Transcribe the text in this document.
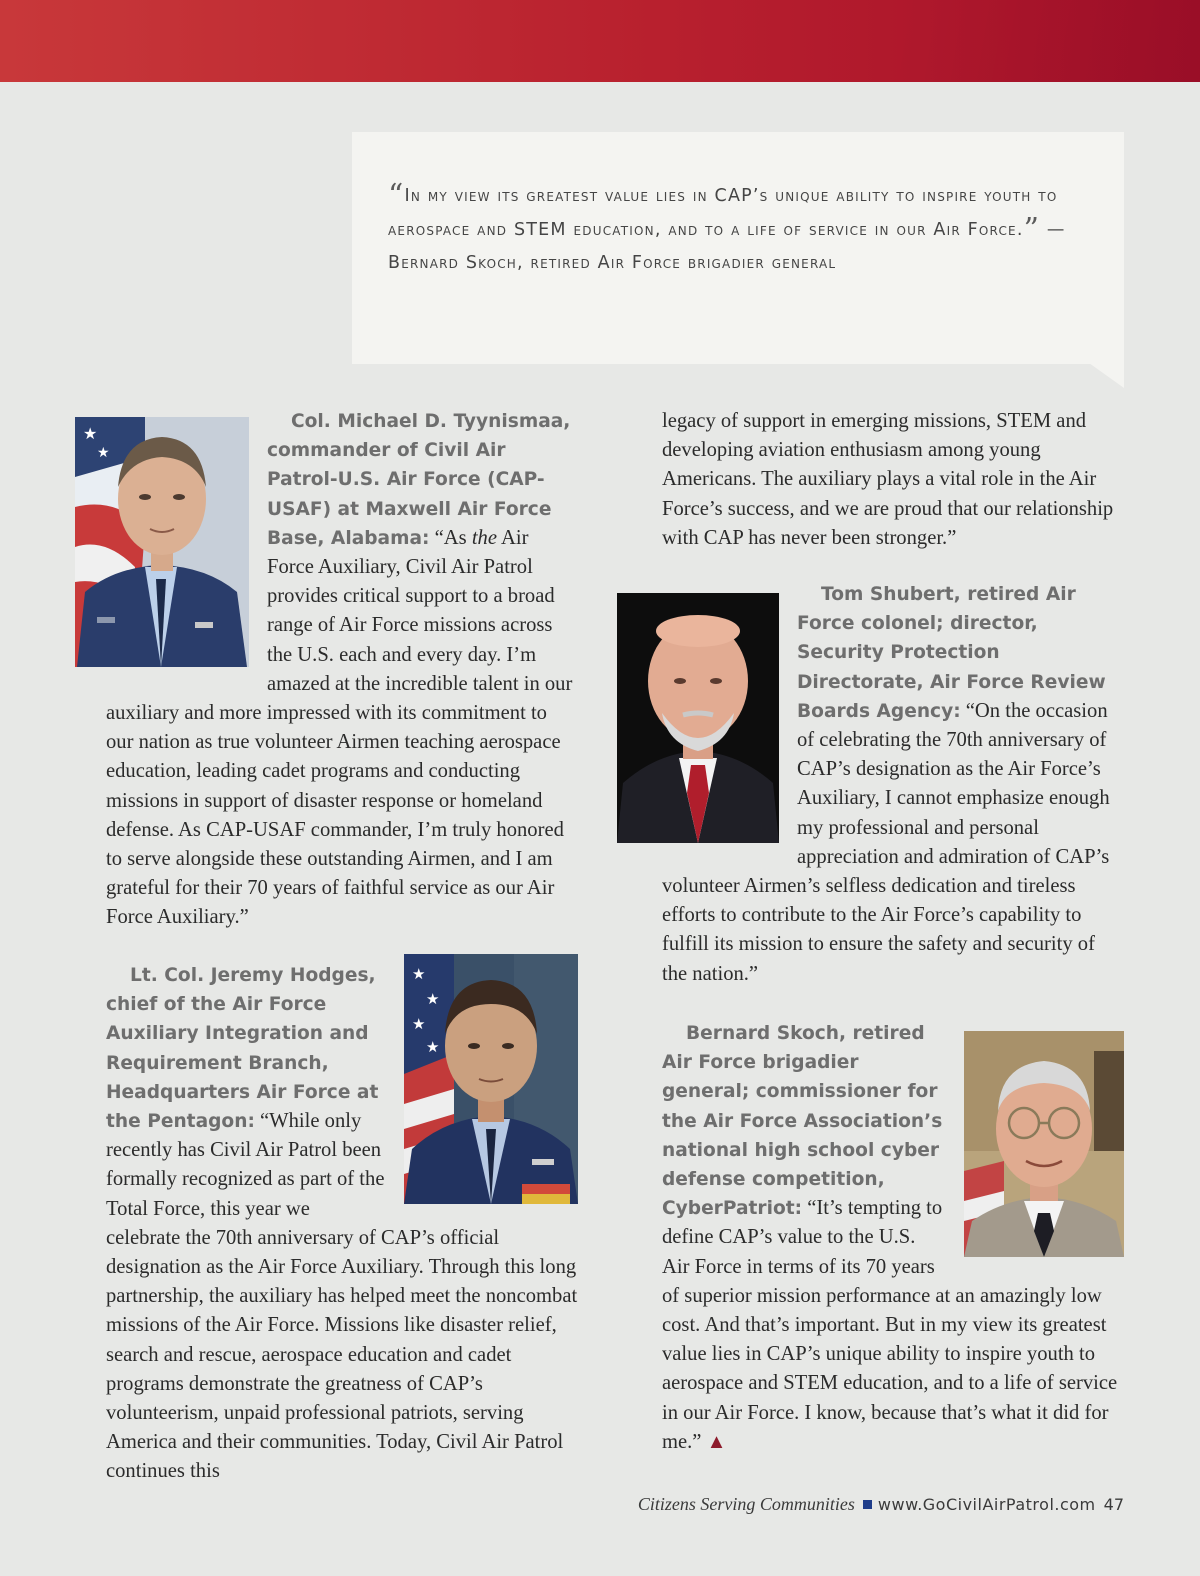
“In my view its greatest value lies in CAP’s unique ability to inspire youth to aerospace and STEM education, and to a life of service in our Air Force.” — Bernard Skoch, retired Air Force brigadier general
★
★
Col. Michael D. Tyynismaa, commander of Civil Air Patrol-U.S. Air Force (CAP-USAF) at Maxwell Air Force Base, Alabama: “As the Air Force Auxiliary, Civil Air Patrol provides critical support to a broad range of Air Force missions across the U.S. each and every day. I’m amazed at the incredible talent in our auxiliary and more impressed with its commitment to our nation as true volunteer Airmen teaching aerospace education, leading cadet programs and conducting missions in support of disaster response or homeland defense. As CAP-USAF commander, I’m truly honored to serve alongside these outstanding Airmen, and I am grateful for their 70 years of faithful service as our Air Force Auxiliary.”
★
★
★
★
Lt. Col. Jeremy Hodges, chief of the Air Force Auxiliary Integration and Requirement Branch, Headquarters Air Force at the Pentagon: “While only recently has Civil Air Patrol been formally recognized as part of the Total Force, this year we celebrate the 70th anniversary of CAP’s official designation as the Air Force Auxiliary. Through this long partnership, the auxiliary has helped meet the noncombat missions of the Air Force. Missions like disaster relief, search and rescue, aerospace education and cadet programs demonstrate the greatness of CAP’s volunteerism, unpaid professional patriots, serving America and their communities. Today, Civil Air Patrol continues this
legacy of support in emerging missions, STEM and developing aviation enthusiasm among young Americans. The auxiliary plays a vital role in the Air Force’s success, and we are proud that our relationship with CAP has never been stronger.”
Tom Shubert, retired Air Force colonel; director, Security Protection Directorate, Air Force Review Boards Agency: “On the occasion of celebrating the 70th anniversary of CAP’s designation as the Air Force’s Auxiliary, I cannot emphasize enough my professional and personal appreciation and admiration of CAP’s volunteer Airmen’s selfless dedication and tireless efforts to contribute to the Air Force’s capability to fulfill its mission to ensure the safety and security of the nation.”
Bernard Skoch, retired Air Force brigadier general; commissioner for the Air Force Association’s national high school cyber defense competition, CyberPatriot: “It’s tempting to define CAP’s value to the U.S. Air Force in terms of its 70 years of superior mission performance at an amazingly low cost. And that’s important. But in my view its greatest value lies in CAP’s unique ability to inspire youth to aerospace and STEM education, and to a life of service in our Air Force. I know, because that’s what it did for me.” ▲
Citizens Serving Communities www.GoCivilAirPatrol.com 47
